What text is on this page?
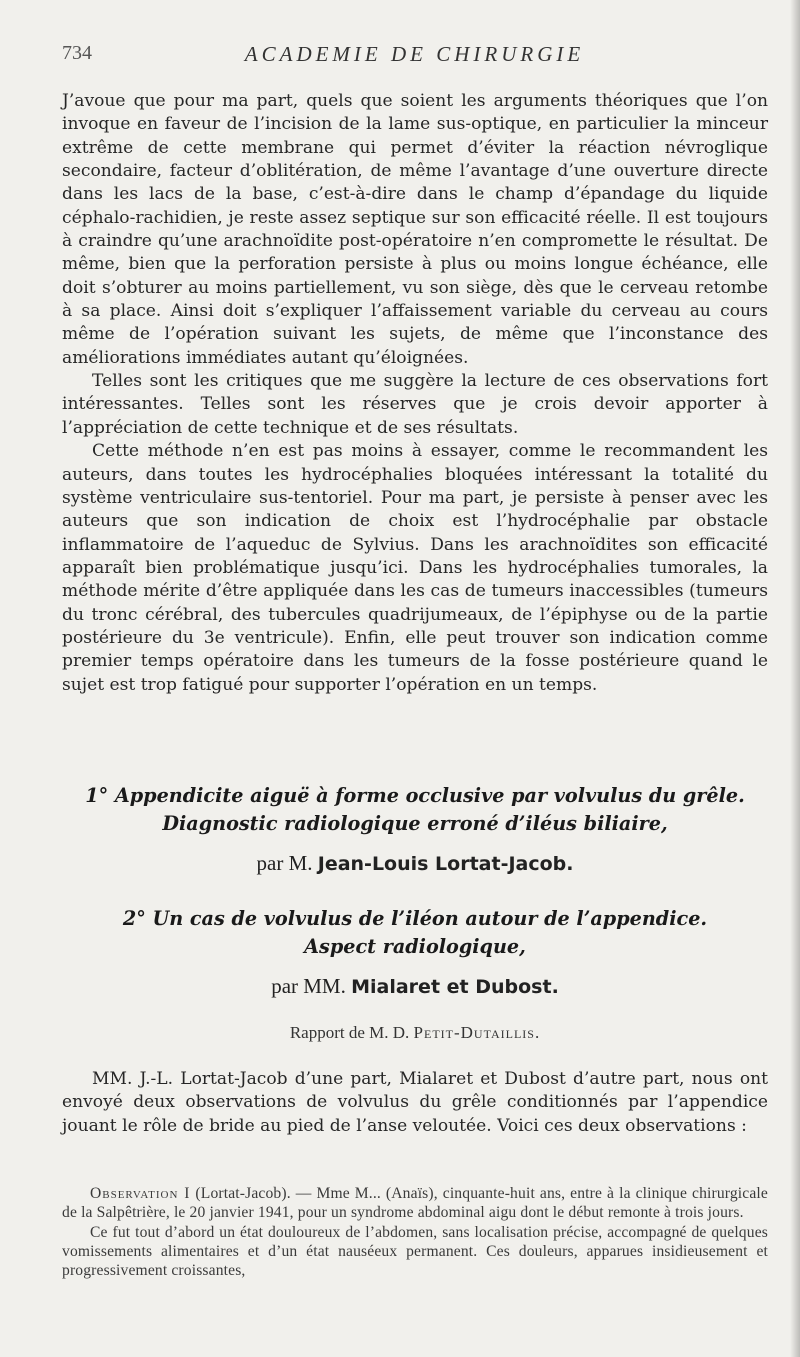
734	ACADEMIE DE CHIRURGIE

J’avoue que pour ma part, quels que soient les arguments théoriques que l’on invoque en faveur de l’incision de la lame sus-optique, en particulier la minceur extrême de cette membrane qui permet d’éviter la réaction névroglique secondaire, facteur d’oblitération, de même l’avantage d’une ouverture directe dans les lacs de la base, c’est-à-dire dans le champ d’épandage du liquide céphalo-rachidien, je reste assez septique sur son efficacité réelle. Il est toujours à craindre qu’une arachnoïdite post-opératoire n’en compromette le résultat. De même, bien que la perforation persiste à plus ou moins longue échéance, elle doit s’obturer au moins partiellement, vu son siège, dès que le cerveau retombe à sa place. Ainsi doit s’expliquer l’affaissement variable du cerveau au cours même de l’opération suivant les sujets, de même que l’inconstance des améliorations immédiates autant qu’éloignées.

Telles sont les critiques que me suggère la lecture de ces observations fort intéressantes. Telles sont les réserves que je crois devoir apporter à l’appréciation de cette technique et de ses résultats.

Cette méthode n’en est pas moins à essayer, comme le recommandent les auteurs, dans toutes les hydrocéphalies bloquées intéressant la totalité du système ventriculaire sus-tentoriel. Pour ma part, je persiste à penser avec les auteurs que son indication de choix est l’hydrocéphalie par obstacle inflammatoire de l’aqueduc de Sylvius. Dans les arachnoïdites son efficacité apparaît bien problématique jusqu’ici. Dans les hydrocéphalies tumorales, la méthode mérite d’être appliquée dans les cas de tumeurs inaccessibles (tumeurs du tronc cérébral, des tubercules quadrijumeaux, de l’épiphyse ou de la partie postérieure du 3e ventricule). Enfin, elle peut trouver son indication comme premier temps opératoire dans les tumeurs de la fosse postérieure quand le sujet est trop fatigué pour supporter l’opération en un temps.

1° Appendicite aiguë à forme occlusive par volvulus du grêle.
Diagnostic radiologique erroné d’iléus biliaire,
par M. Jean-Louis Lortat-Jacob.
2° Un cas de volvulus de l’iléon autour de l’appendice.
Aspect radiologique,
par MM. Mialaret et Dubost.
Rapport de M. D. Petit-Dutaillis.

MM. J.-L. Lortat-Jacob d’une part, Mialaret et Dubost d’autre part, nous ont envoyé deux observations de volvulus du grêle conditionnés par l’appendice jouant le rôle de bride au pied de l’anse veloutée. Voici ces deux observations :

Observation I (Lortat-Jacob). — Mme M... (Anaïs), cinquante-huit ans, entre à la clinique chirurgicale de la Salpêtrière, le 20 janvier 1941, pour un syndrome abdominal aigu dont le début remonte à trois jours.

Ce fut tout d’abord un état douloureux de l’abdomen, sans localisation précise, accompagné de quelques vomissements alimentaires et d’un état nauséeux permanent. Ces douleurs, apparues insidieusement et progressivement croissantes,
